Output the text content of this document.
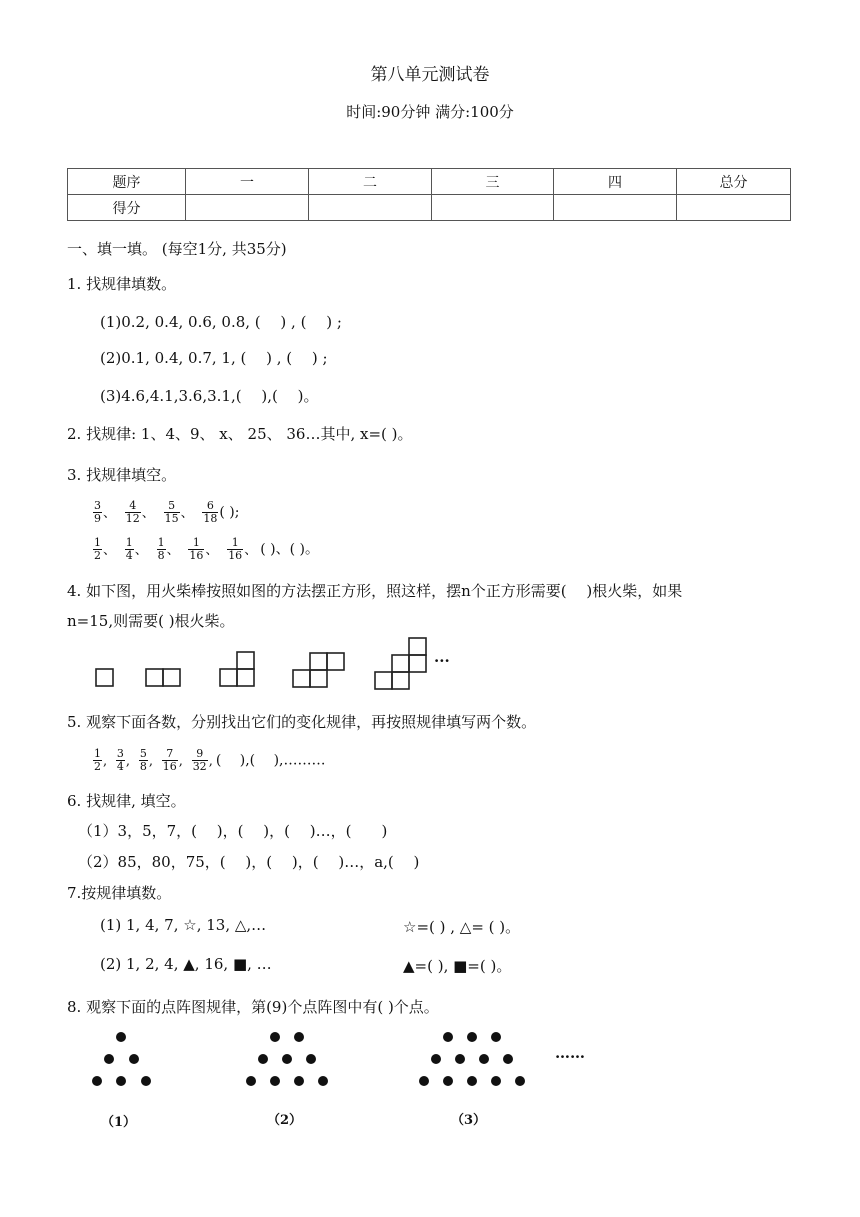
第八单元测试卷
时间:90分钟 满分:100分
题序	一	二	三	四	总分
得分					
一、填一填。 (每空1分, 共35分)
1. 找规律填数。
(1)0.2, 0.4, 0.6, 0.8, (　 ) , (　 ) ;
(2)0.1, 0.4, 0.7, 1, (　 ) , (　 ) ;
(3)4.6,4.1,3.6,3.1,(　 ),(　 )。
2. 找规律: 1、4、9、 x、 25、 36…其中, x=( )。
3. 找规律填空。
$\frac{3}{9}$ 、 $\frac{4}{12}$ 、 $\frac{5}{15}$ 、 $\frac{6}{18}$ ( );
$\frac{1}{2}$ 、 $\frac{1}{4}$ 、 $\frac{1}{8}$ 、 $\frac{1}{16}$ 、 $\frac{1}{16}$ 、 ( )、( )。
4. 如下图，用火柴棒按照如图的方法摆正方形，照这样，摆n个正方形需要(　 )根火柴，如果
n=15,则需要( )根火柴。
···
5. 观察下面各数，分别找出它们的变化规律，再按照规律填写两个数。
$\frac{1}{2}$ , $\frac{3}{4}$ , $\frac{5}{8}$ , $\frac{7}{16}$ , $\frac{9}{32}$ , (　 ),(　 ),………
6. 找规律, 填空。
（1）3，5，7，(　 )，(　 )，(　 )…，(　　)
（2）85，80，75，(　 )，(　 )，(　 )…，a,(　 )
7.按规律填数。
(1) 1, 4, 7, ☆, 13, △,…	☆=( ) , △= ( )。
(2) 1, 2, 4, ▲, 16, ■, …	▲=( ), ■=( )。
8. 观察下面的点阵图规律，第(9)个点阵图中有( )个点。
……
（1）	（2）	（3）
